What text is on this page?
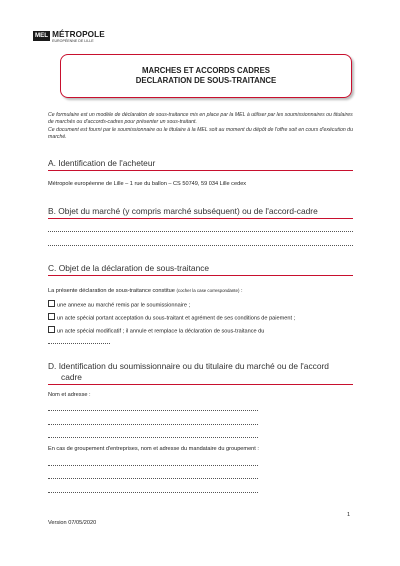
MEL MÉTROPOLE
EUROPÉENNE DE LILLE
MARCHES ET ACCORDS CADRES
DECLARATION DE SOUS-TRAITANCE
Ce formulaire est un modèle de déclaration de sous-traitance mis en place par la MEL à utiliser par les soumissionnaires ou titulaires de marchés ou d'accords-cadres pour présenter un sous-traitant.
Ce document est fourni par le soumissionnaire ou le titulaire à la MEL soit au moment du dépôt de l'offre soit en cours d'exécution du marché.
A. Identification de l'acheteur
Métropole européenne de Lille – 1 rue du ballon – CS 50749, 59 034 Lille cedex
B. Objet du marché (y compris marché subséquent) ou de l'accord-cadre
C. Objet de la déclaration de sous-traitance
La présente déclaration de sous-traitance constitue (cocher la case correspondante) :
une annexe au marché remis par le soumissionnaire ;
un acte spécial portant acceptation du sous-traitant et agrément de ses conditions de paiement ;
un acte spécial modificatif ; il annule et remplace la déclaration de sous-traitance du
D. Identification du soumissionnaire ou du titulaire du marché ou de l'accord
cadre
Nom et adresse :
En cas de groupement d'entreprises, nom et adresse du mandataire du groupement :
1
Version 07/05/2020
